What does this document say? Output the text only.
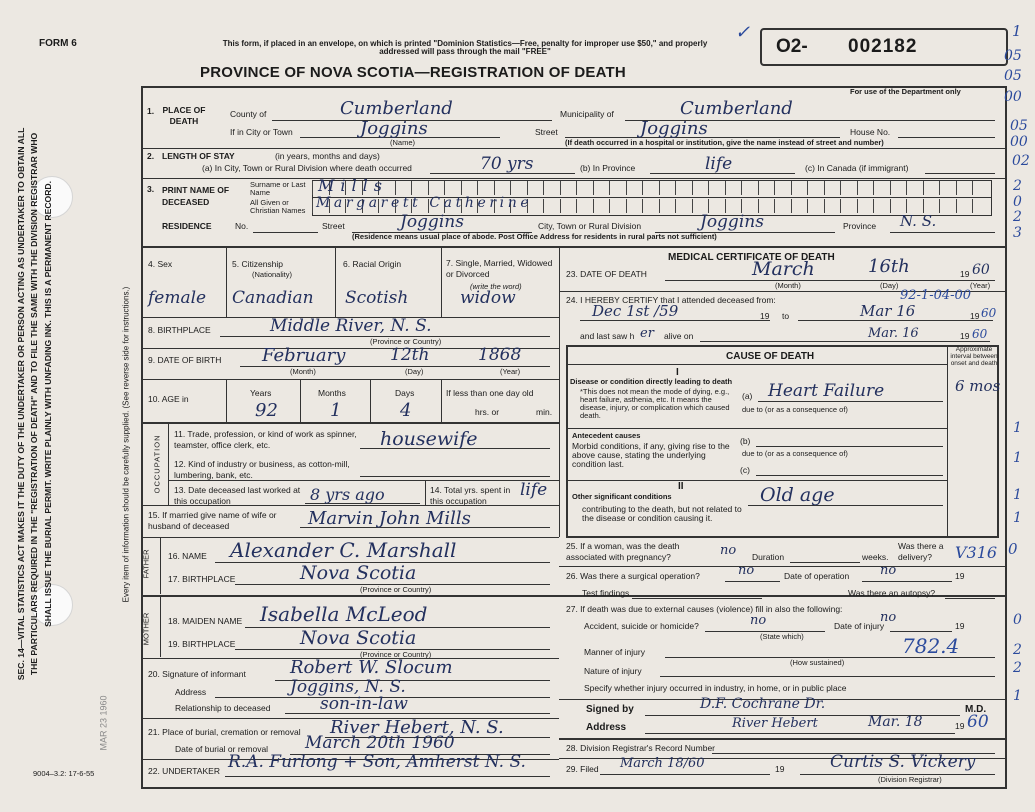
FORM 6	This form, if placed in an envelope, on which is printed "Dominion Statistics—Free, penalty for improper use $50," and properly addressed will pass through the mail "FREE"
PROVINCE OF NOVA SCOTIA—REGISTRATION OF DEATH
O2- 002182
✓
For use of the Department only
1
05
05
00
05
00
02
2
0
2
3
SEC. 14—VITAL STATISTICS ACT MAKES IT THE DUTY OF THE UNDERTAKER OR PERSON ACTING AS UNDERTAKER TO OBTAIN ALL THE PARTICULARS REQUIRED IN THE "REGISTRATION OF DEATH" AND TO FILE THE SAME WITH THE DIVISION REGISTRAR WHO SHALL ISSUE THE BURIAL PERMIT. WRITE PLAINLY WITH UNFADING INK. THIS IS A PERMANENT RECORD.	Every item of information should be carefully supplied. (See reverse side for instructions.)
MAR 23 1960
9004–3.2: 17-6-55
1. PLACE OF DEATH
County of	Cumberland	Municipality of	Cumberland
If in City or Town	Joggins
(Name)
Street	Joggins	House No.
(If death occurred in a hospital or institution, give the name instead of street and number)
2. LENGTH OF STAY	(in years, months and days)
(a) In City, Town or Rural Division where death occurred	70 yrs	(b) In Province	life	(c) In Canada (if immigrant)
3. PRINT NAME OF DECEASED
Surname or Last Name
All Given or Christian Names
Mills
Margarett Catherine
RESIDENCE	No.	Street	Joggins	City, Town or Rural Division	Joggins	Province N. S.
(Residence means usual place of abode. Post Office Address for residents in rural parts not sufficient)
4. Sex	5. Citizenship
(Nationality)
6. Racial Origin	7. Single, Married, Widowed or Divorced
(write the word)
female Canadian Scotish	widow
8. BIRTHPLACE	Middle River, N. S.
(Province or Country)
9. DATE OF BIRTH February	12th	1868
(Month)	(Day)	(Year)
10. AGE in
Years	Months	Days	If less than one day old
hrs. or	min.
92	1	4
OCCUPATION
11. Trade, profession, or kind of work as spinner, teamster, office clerk, etc.	housewife
12. Kind of industry or business, as cotton-mill, lumbering, bank, etc.
13. Date deceased last worked at this occupation	8 yrs ago	14. Total yrs. spent in this occupation
life
15. If married give name of wife or husband of deceased	Marvin John Mills
FATHER 16. NAME Alexander C. Marshall
17. BIRTHPLACE	Nova Scotia
(Province or Country)
MOTHER 18. MAIDEN NAME Isabella McLeod
19. BIRTHPLACE	Nova Scotia
(Province or Country)
20. Signature of informant Robert W. Slocum
Address	Joggins, N. S.
Relationship to deceased	son-in-law
21. Place of burial, cremation or removal River Hebert, N. S.
Date of burial or removal March 20th 1960
22. UNDERTAKER R.A. Furlong + Son, Amherst N. S.
MEDICAL CERTIFICATE OF DEATH
23. DATE OF DEATH	March	16th	19 60
(Month)	(Day)	(Year)
24. I HEREBY CERTIFY that I attended deceased from:	92-1-04-00
Dec 1st /59	19 to	Mar 16	19 60
and last saw h er alive on	Mar. 16	19 60
CAUSE OF DEATH
Approximate interval between onset and death
I
Disease or condition directly leading to death
*This does not mean the mode of dying, e.g., heart failure, asthenia, etc. It means the disease, injury, or complication which caused death.
(a) Heart Failure	6 mos
due to (or as a consequence of)
Antecedent causes
Morbid conditions, if any, giving rise to the above cause, stating the underlying condition last.
(b)
due to (or as a consequence of)
(c)
II
Other significant conditions
contributing to the death, but not related to the disease or condition causing it.
Old age
25. If a woman, was the death associated with pregnancy?	no Duration	weeks.
Was there a delivery?	V316 0
26. Was there a surgical operation?	no	Date of operation no	19
Test findings	Was there an autopsy?
27. If death was due to external causes (violence) fill in also the following:
Accident, suicide or homicide?	no
(State which)
Date of injury
no
19
Manner of injury	782.4
(How sustained)
Nature of injury
Specify whether injury occurred in industry, in home, or in public place
Signed by	D.F. Cochrane Dr.	M.D.
Address	River Hebert	Mar. 18	19 60
28. Division Registrar's Record Number
29. Filed March 18/60	19	Curtis S. Vickery
(Division Registrar)
1
1
1
1
0
2
2
1
